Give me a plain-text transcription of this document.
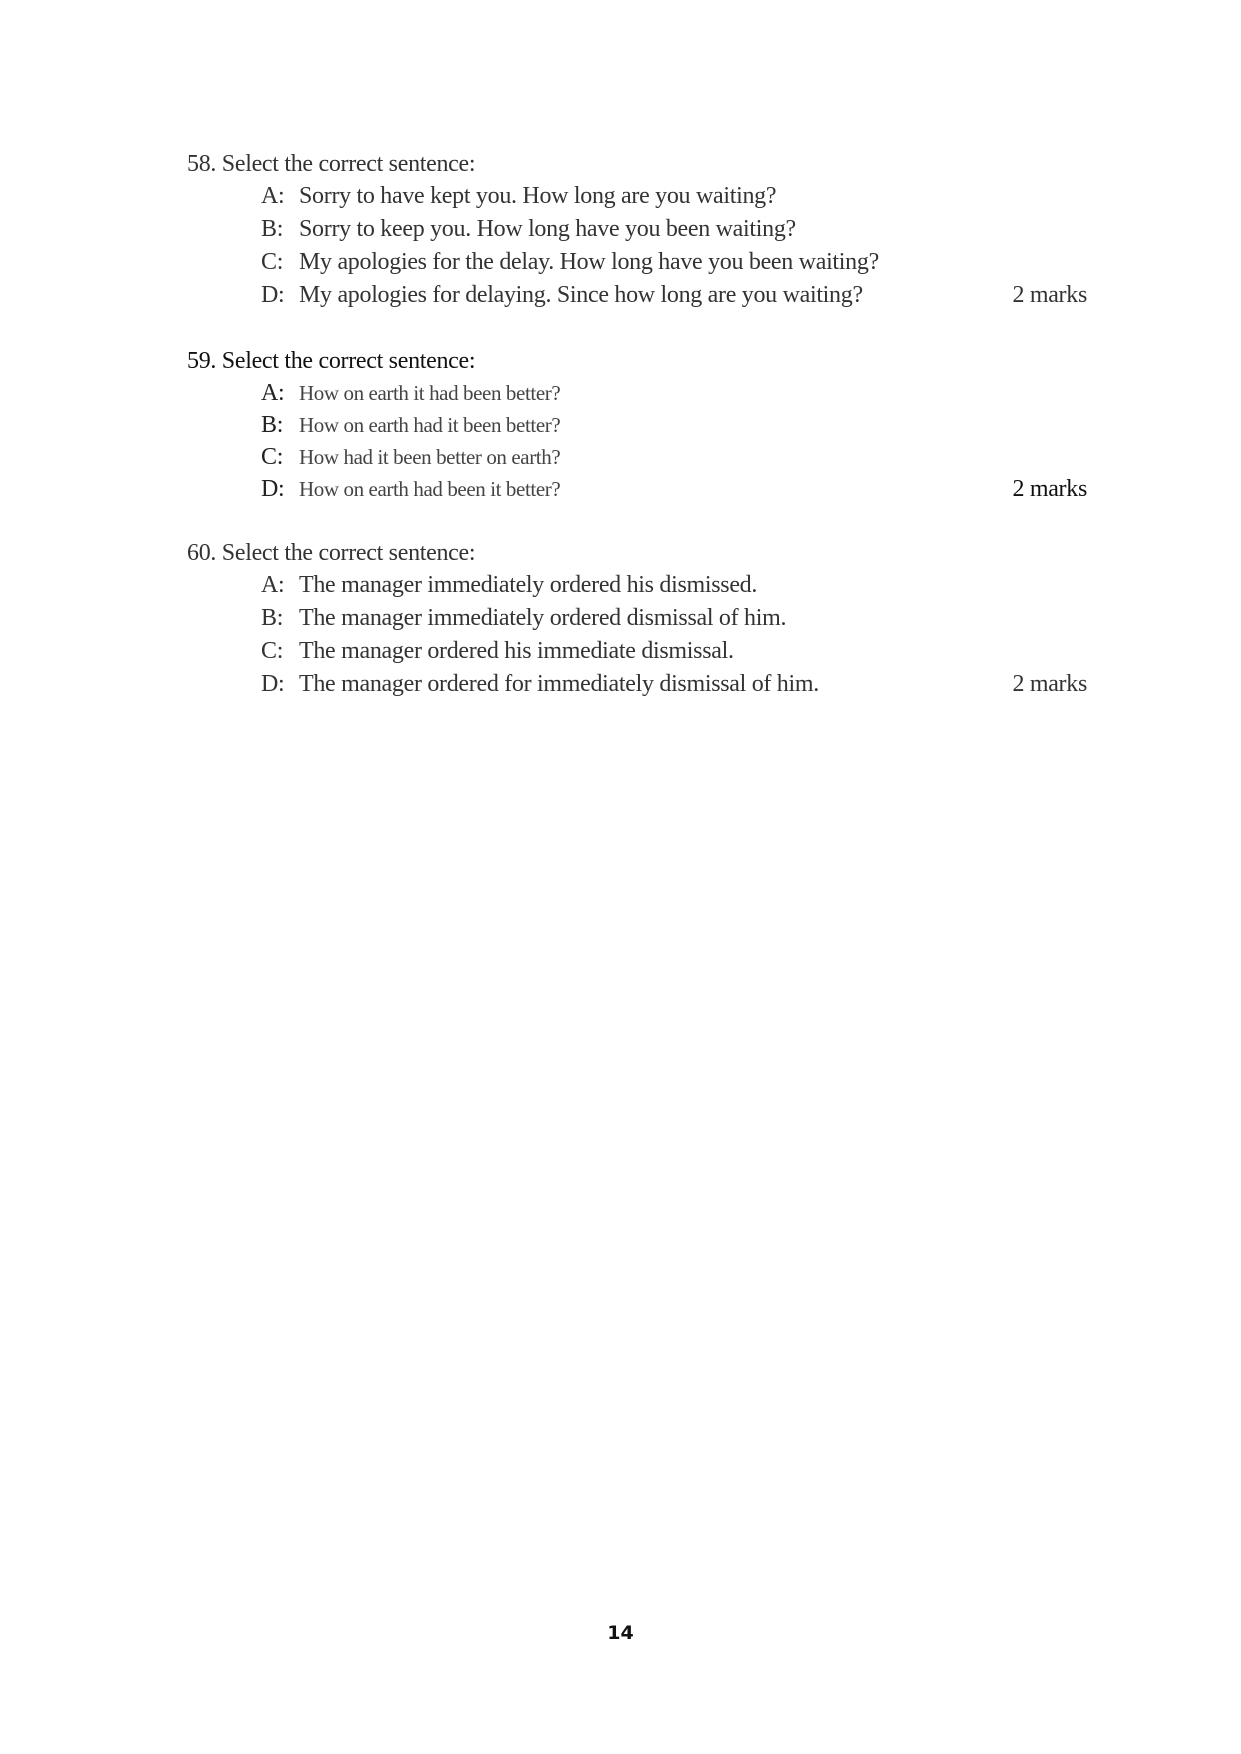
58. Select the correct sentence:
A: Sorry to have kept you. How long are you waiting?
B: Sorry to keep you. How long have you been waiting?
C: My apologies for the delay. How long have you been waiting?
D: My apologies for delaying. Since how long are you waiting?	2 marks
59. Select the correct sentence:
A: How on earth it had been better?
B: How on earth had it been better?
C: How had it been better on earth?
D: How on earth had been it better?	2 marks
60. Select the correct sentence:
A: The manager immediately ordered his dismissed.
B: The manager immediately ordered dismissal of him.
C: The manager ordered his immediate dismissal.
D: The manager ordered for immediately dismissal of him.	2 marks
14
